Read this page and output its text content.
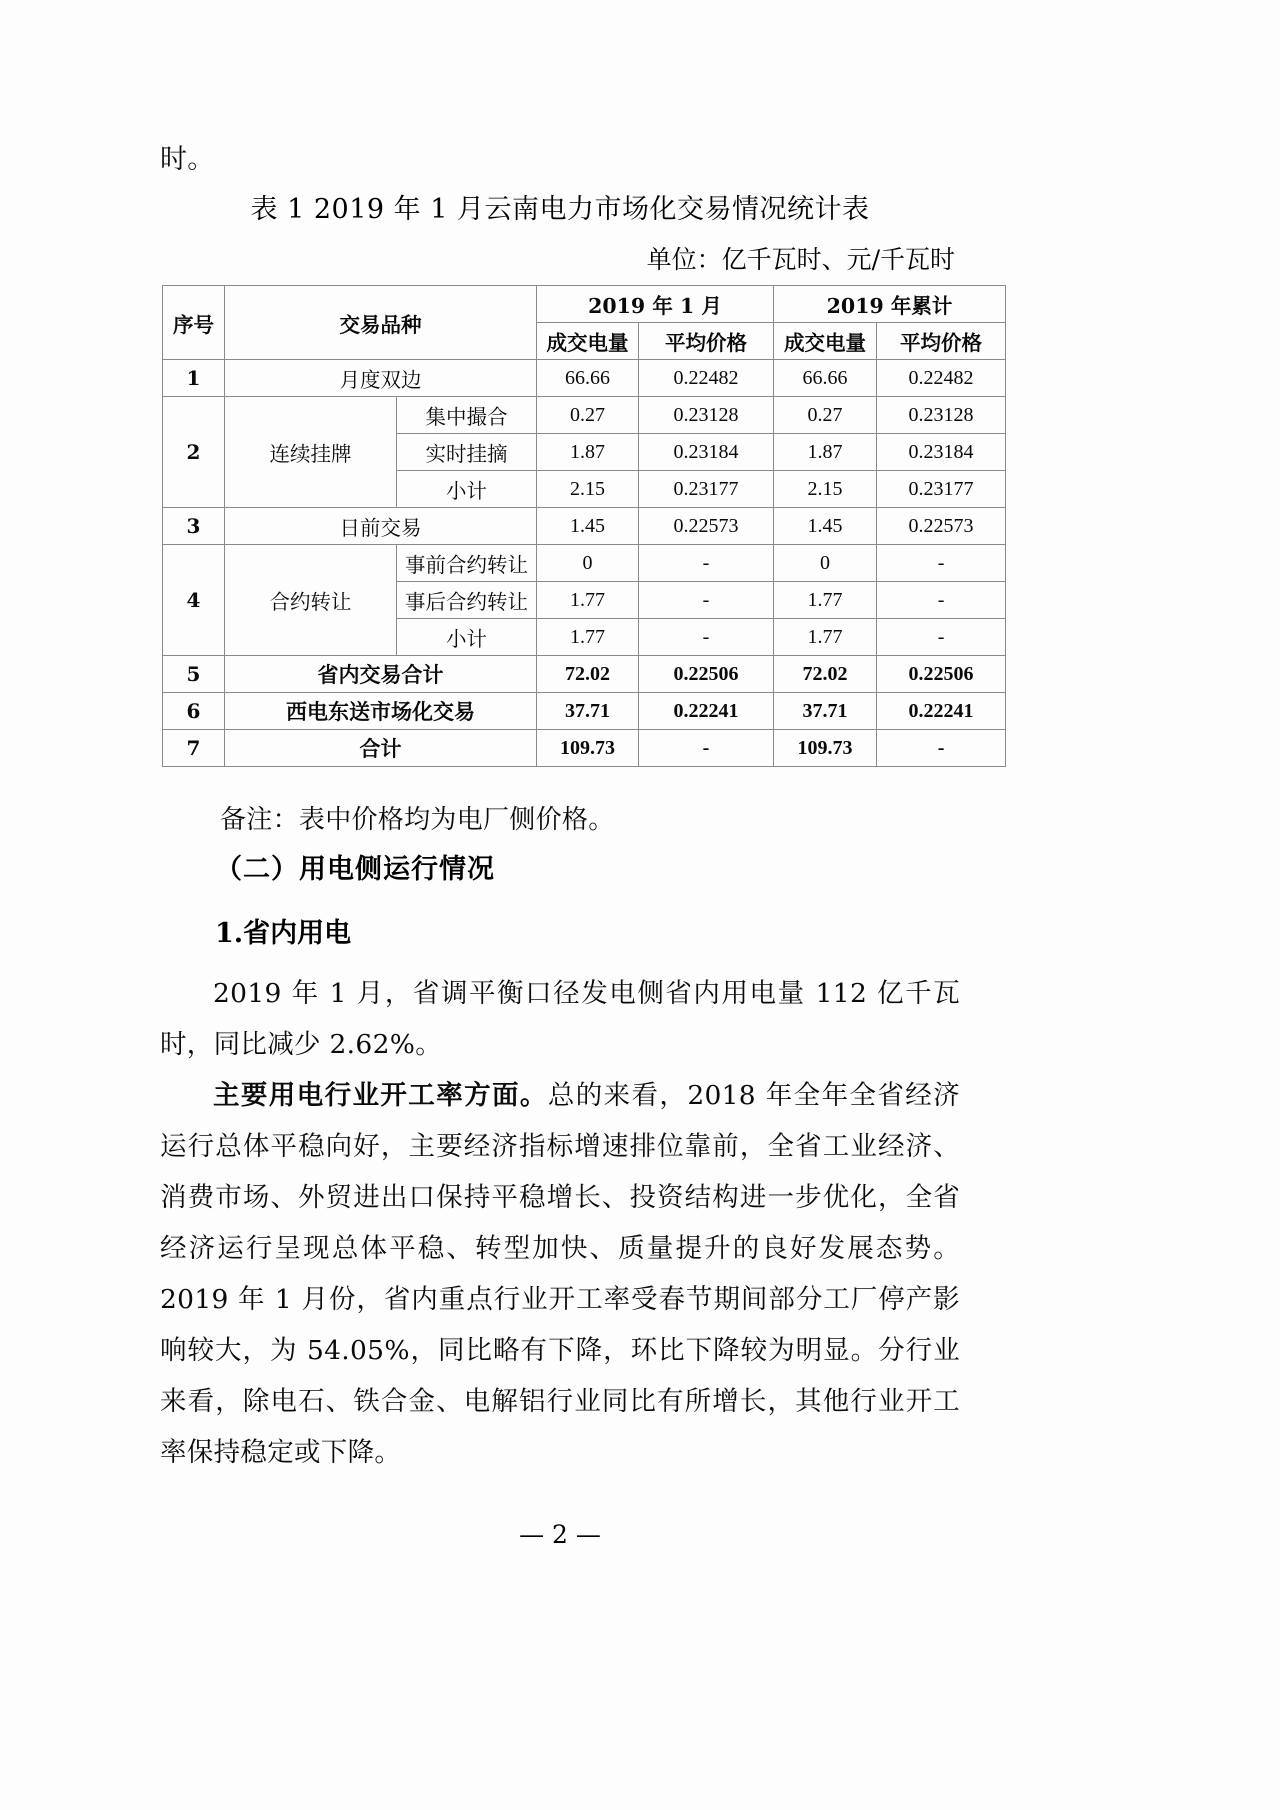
时。
表 1 2019 年 1 月云南电力市场化交易情况统计表
单位：亿千瓦时、元/千瓦时
序号	交易品种		2019 年 1 月		2019 年累计	
			成交电量	平均价格	成交电量	平均价格
1	月度双边		66.66	0.22482	66.66	0.22482
2	连续挂牌	集中撮合	0.27	0.23128	0.27	0.23128
		实时挂摘	1.87	0.23184	1.87	0.23184
		小计	2.15	0.23177	2.15	0.23177
3	日前交易		1.45	0.22573	1.45	0.22573
4	合约转让	事前合约转让	0	-	0	-
		事后合约转让	1.77	-	1.77	-
		小计	1.77	-	1.77	-
5	省内交易合计		72.02	0.22506	72.02	0.22506
6	西电东送市场化交易		37.71	0.22241	37.71	0.22241
7	合计		109.73	-	109.73	-
备注：表中价格均为电厂侧价格。
（二）用电侧运行情况
1.省内用电
2019 年 1 月，省调平衡口径发电侧省内用电量 112 亿千瓦时，同比减少 2.62%。
主要用电行业开工率方面。总的来看，2018 年全年全省经济运行总体平稳向好，主要经济指标增速排位靠前，全省工业经济、消费市场、外贸进出口保持平稳增长、投资结构进一步优化，全省经济运行呈现总体平稳、转型加快、质量提升的良好发展态势。2019 年 1 月份，省内重点行业开工率受春节期间部分工厂停产影响较大，为 54.05%，同比略有下降，环比下降较为明显。分行业来看，除电石、铁合金、电解铝行业同比有所增长，其他行业开工率保持稳定或下降。
— 2 —
